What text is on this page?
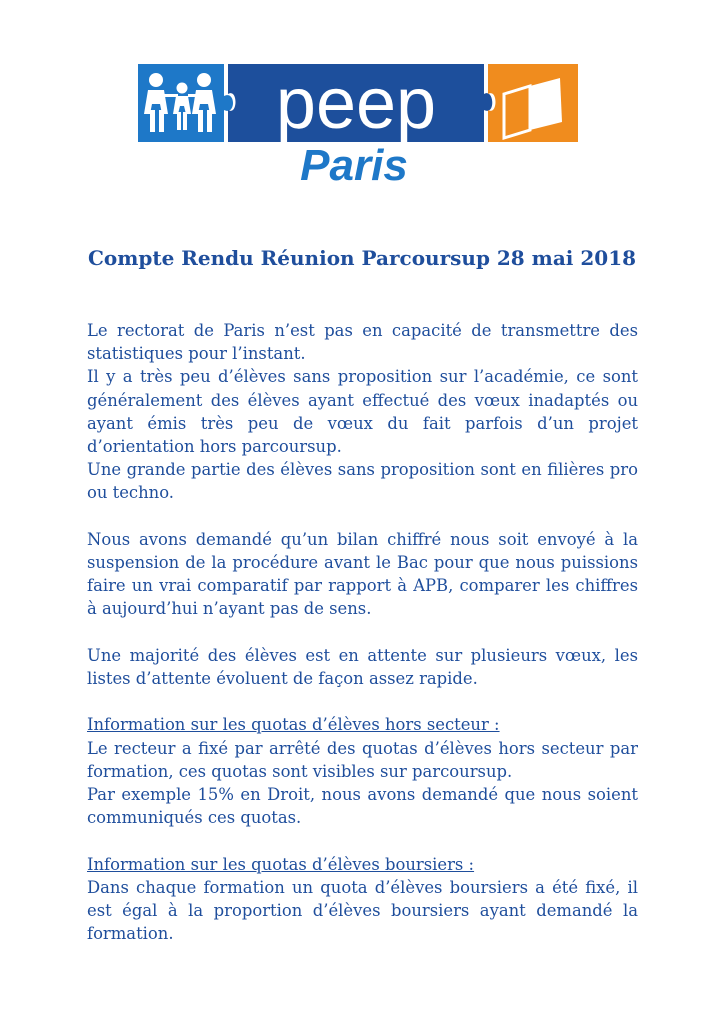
peep
Paris
Compte Rendu Réunion Parcoursup 28 mai 2018

Le rectorat de Paris n’est pas en capacité de transmettre des statistiques pour l’instant.

Il y a très peu d’élèves sans proposition sur l’académie, ce sont généralement des élèves ayant effectué des vœux inadaptés ou ayant émis très peu de vœux du fait parfois d’un projet d’orientation hors parcoursup.

Une grande partie des élèves sans proposition sont en filières pro ou techno.

Nous avons demandé qu’un bilan chiffré nous soit envoyé à la suspension de la procédure avant le Bac pour que nous puissions faire un vrai comparatif par rapport à APB, comparer les chiffres à aujourd’hui n’ayant pas de sens.

Une majorité des élèves est en attente sur plusieurs vœux, les listes d’attente évoluent de façon assez rapide.

Information sur les quotas d’élèves hors secteur :

Le recteur a fixé par arrêté des quotas d’élèves hors secteur par formation, ces quotas sont visibles sur parcoursup.

Par exemple 15% en Droit, nous avons demandé que nous soient communiqués ces quotas.

Information sur les quotas d’élèves boursiers :

Dans chaque formation un quota d’élèves boursiers a été fixé, il est égal à la proportion d’élèves boursiers ayant demandé la formation.
